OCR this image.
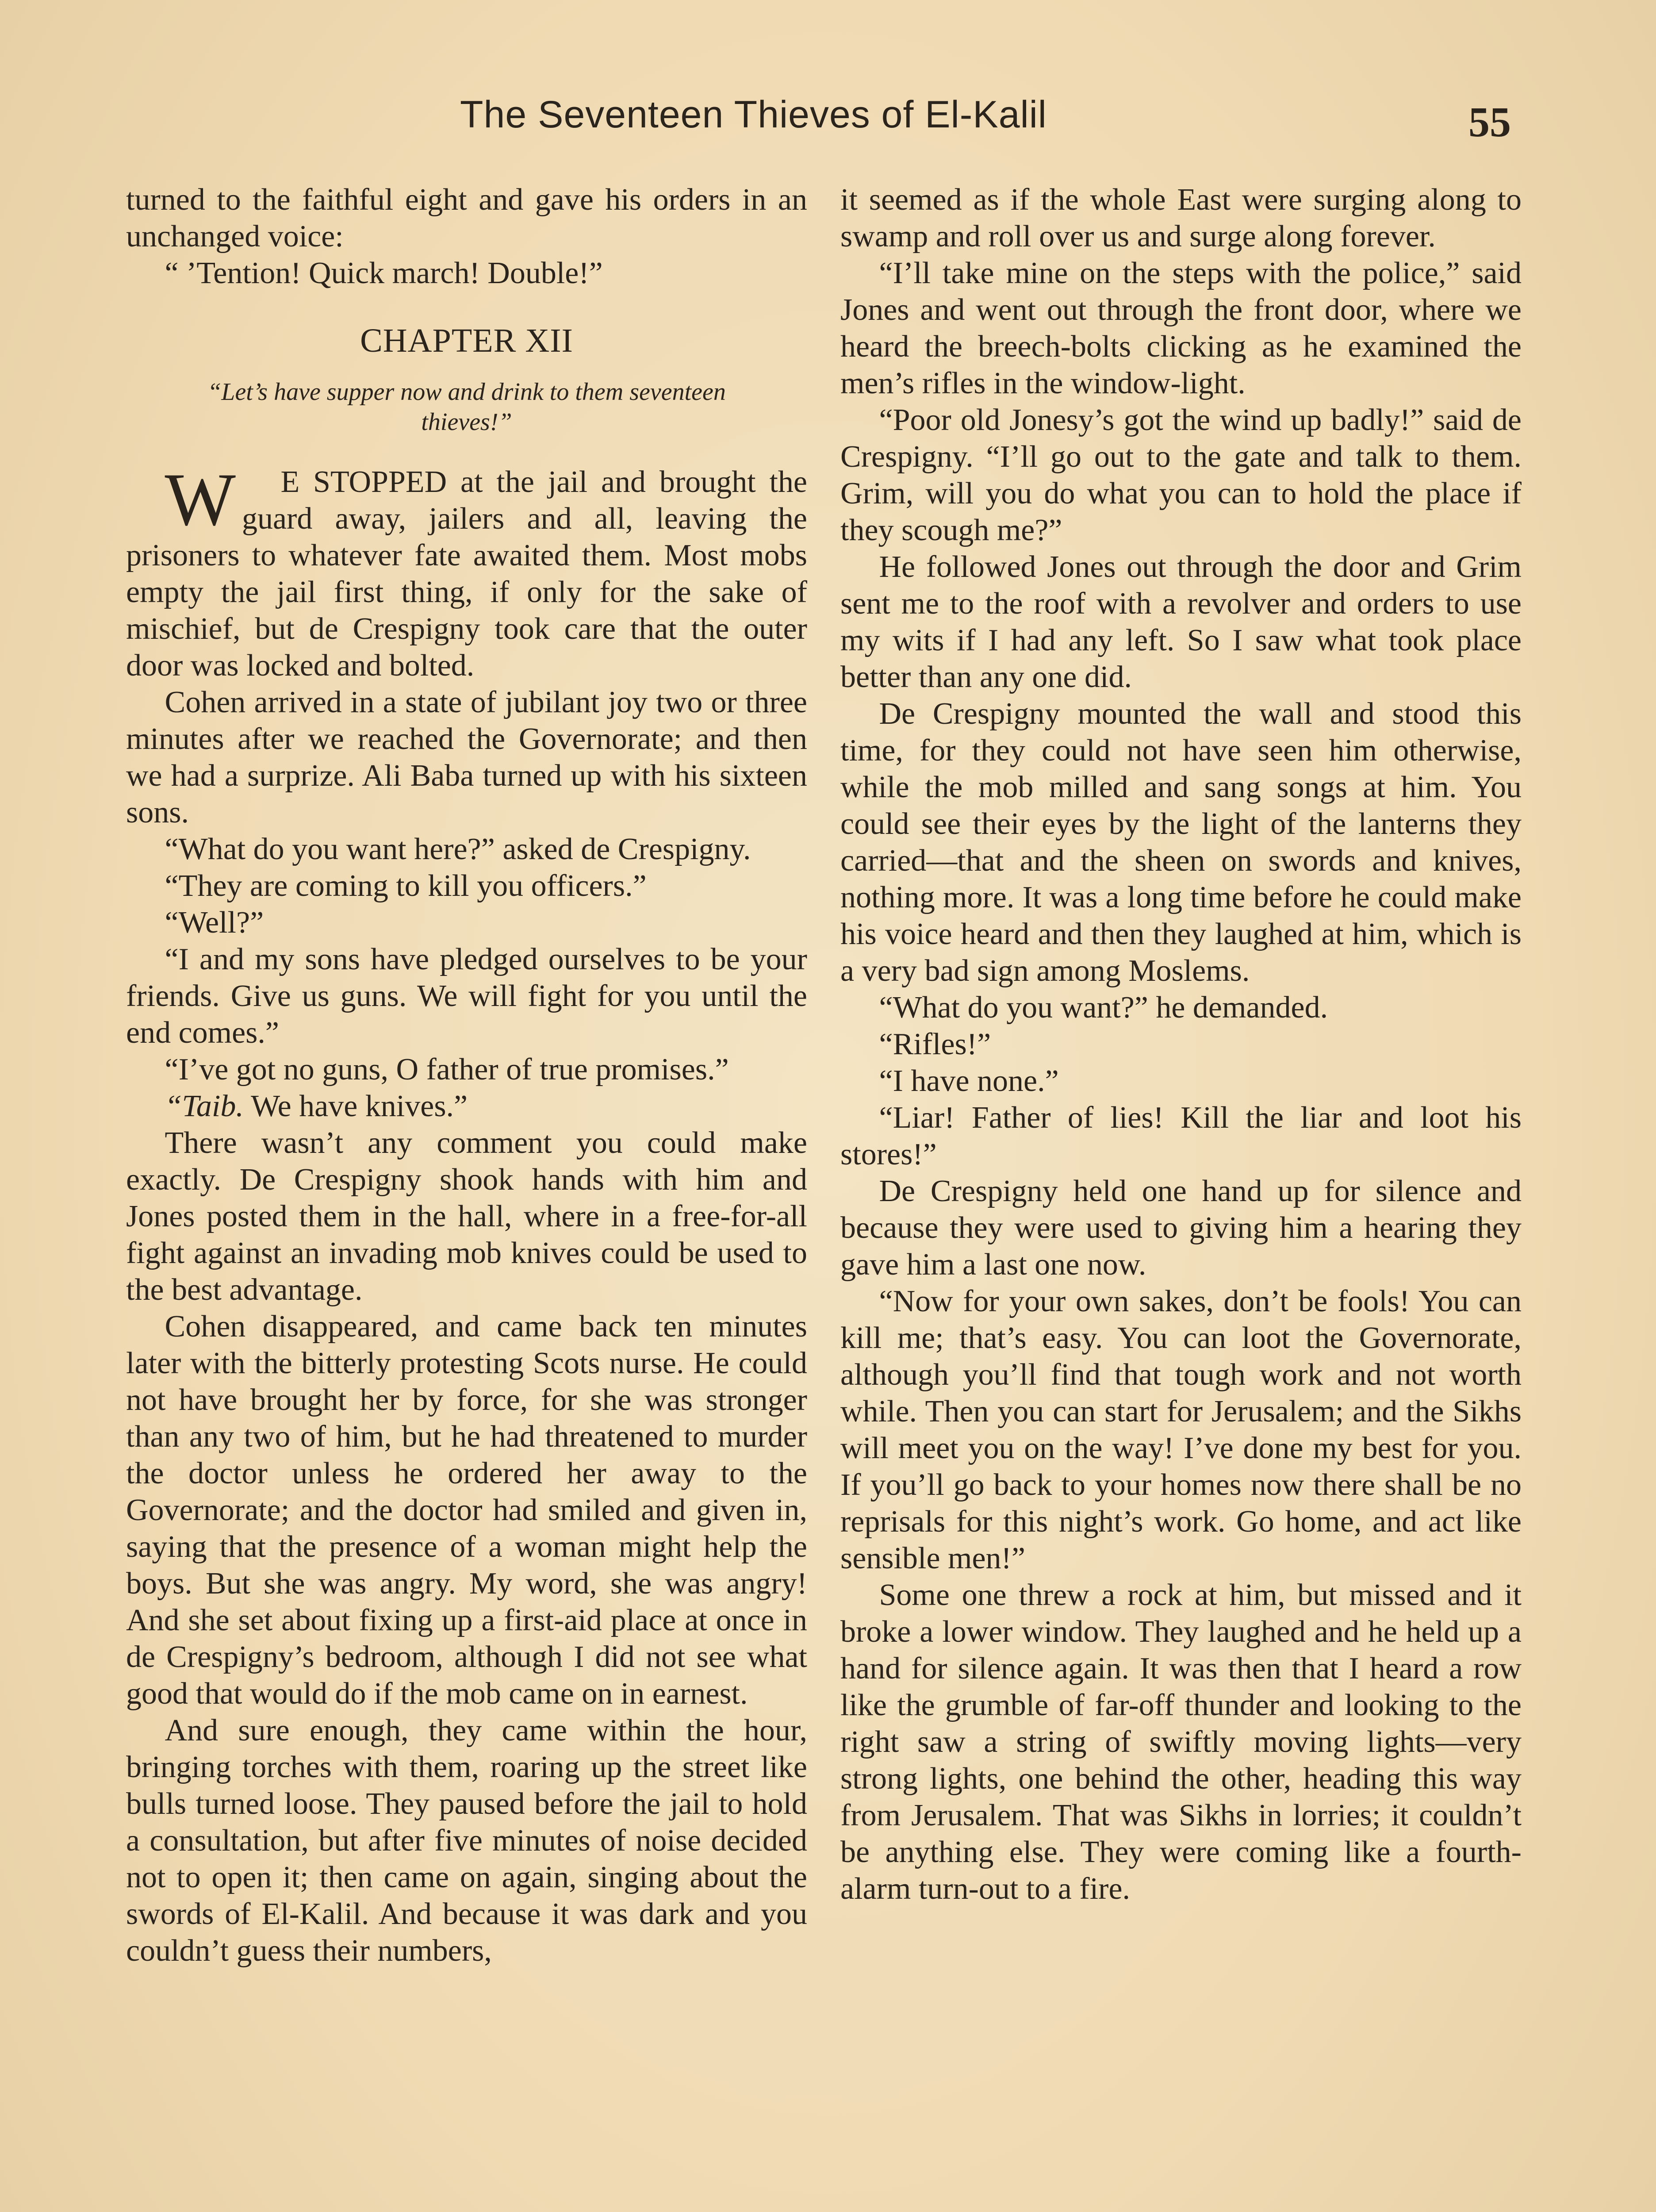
The Seventeen Thieves of El-Kalil	55

turned to the faithful eight and gave his orders in an unchanged voice:

“ ’Tention! Quick march! Double!”

CHAPTER XII
“Let’s have supper now and drink to them seventeen thieves!”

W E STOPPED at the jail and brought the guard away, jailers and all, leaving the prisoners to whatever fate awaited them. Most mobs empty the jail first thing, if only for the sake of mischief, but de Crespigny took care that the outer door was locked and bolted.

Cohen arrived in a state of jubilant joy two or three minutes after we reached the Governorate; and then we had a surprize. Ali Baba turned up with his sixteen sons.

“What do you want here?” asked de Crespigny.

“They are coming to kill you officers.”

“Well?”

“I and my sons have pledged ourselves to be your friends. Give us guns. We will fight for you until the end comes.”

“I’ve got no guns, O father of true promises.”

“Taib. We have knives.”

There wasn’t any comment you could make exactly. De Crespigny shook hands with him and Jones posted them in the hall, where in a free-for-all fight against an invading mob knives could be used to the best advantage.

Cohen disappeared, and came back ten minutes later with the bitterly protesting Scots nurse. He could not have brought her by force, for she was stronger than any two of him, but he had threatened to murder the doctor unless he ordered her away to the Governorate; and the doctor had smiled and given in, saying that the presence of a woman might help the boys. But she was angry. My word, she was angry! And she set about fixing up a first-aid place at once in de Crespigny’s bedroom, although I did not see what good that would do if the mob came on in earnest.

And sure enough, they came within the hour, bringing torches with them, roaring up the street like bulls turned loose. They paused before the jail to hold a consultation, but after five minutes of noise decided not to open it; then came on again, singing about the swords of El-Kalil. And because it was dark and you couldn’t guess their numbers,

it seemed as if the whole East were surging along to swamp and roll over us and surge along forever.

“I’ll take mine on the steps with the police,” said Jones and went out through the front door, where we heard the breech-bolts clicking as he examined the men’s rifles in the window-light.

“Poor old Jonesy’s got the wind up badly!” said de Crespigny. “I’ll go out to the gate and talk to them. Grim, will you do what you can to hold the place if they scough me?”

He followed Jones out through the door and Grim sent me to the roof with a revolver and orders to use my wits if I had any left. So I saw what took place better than any one did.

De Crespigny mounted the wall and stood this time, for they could not have seen him otherwise, while the mob milled and sang songs at him. You could see their eyes by the light of the lanterns they carried—that and the sheen on swords and knives, nothing more. It was a long time before he could make his voice heard and then they laughed at him, which is a very bad sign among Moslems.

“What do you want?” he demanded.

“Rifles!”

“I have none.”

“Liar! Father of lies! Kill the liar and loot his stores!”

De Crespigny held one hand up for silence and because they were used to giving him a hearing they gave him a last one now.

“Now for your own sakes, don’t be fools! You can kill me; that’s easy. You can loot the Governorate, although you’ll find that tough work and not worth while. Then you can start for Jerusalem; and the Sikhs will meet you on the way! I’ve done my best for you. If you’ll go back to your homes now there shall be no reprisals for this night’s work. Go home, and act like sensible men!”

Some one threw a rock at him, but missed and it broke a lower window. They laughed and he held up a hand for silence again. It was then that I heard a row like the grumble of far-off thunder and looking to the right saw a string of swiftly moving lights—very strong lights, one behind the other, heading this way from Jerusalem. That was Sikhs in lorries; it couldn’t be anything else. They were coming like a fourth-alarm turn-out to a fire.
